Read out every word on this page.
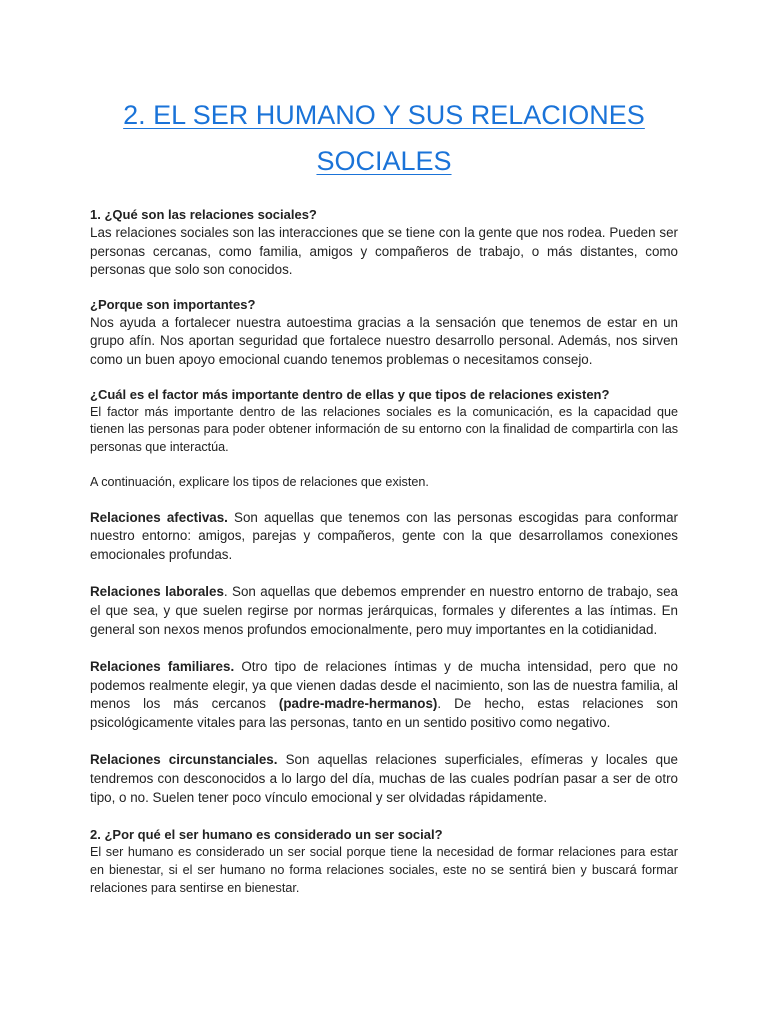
2. EL SER HUMANO Y SUS RELACIONES
SOCIALES

1. ¿Qué son las relaciones sociales?

Las relaciones sociales son las interacciones que se tiene con la gente que nos rodea. Pueden ser personas cercanas, como familia, amigos y compañeros de trabajo, o más distantes, como personas que solo son conocidos.

¿Porque son importantes?

Nos ayuda a fortalecer nuestra autoestima gracias a la sensación que tenemos de estar en un grupo afín. Nos aportan seguridad que fortalece nuestro desarrollo personal. Además, nos sirven como un buen apoyo emocional cuando tenemos problemas o necesitamos consejo.

¿Cuál es el factor más importante dentro de ellas y que tipos de relaciones existen?

El factor más importante dentro de las relaciones sociales es la comunicación, es la capacidad que tienen las personas para poder obtener información de su entorno con la finalidad de compartirla con las personas que interactúa.

A continuación, explicare los tipos de relaciones que existen.

Relaciones afectivas. Son aquellas que tenemos con las personas escogidas para conformar nuestro entorno: amigos, parejas y compañeros, gente con la que desarrollamos conexiones emocionales profundas.

Relaciones laborales. Son aquellas que debemos emprender en nuestro entorno de trabajo, sea el que sea, y que suelen regirse por normas jerárquicas, formales y diferentes a las íntimas. En general son nexos menos profundos emocionalmente, pero muy importantes en la cotidianidad.

Relaciones familiares. Otro tipo de relaciones íntimas y de mucha intensidad, pero que no podemos realmente elegir, ya que vienen dadas desde el nacimiento, son las de nuestra familia, al menos los más cercanos (padre-madre-hermanos). De hecho, estas relaciones son psicológicamente vitales para las personas, tanto en un sentido positivo como negativo.

Relaciones circunstanciales. Son aquellas relaciones superficiales, efímeras y locales que tendremos con desconocidos a lo largo del día, muchas de las cuales podrían pasar a ser de otro tipo, o no. Suelen tener poco vínculo emocional y ser olvidadas rápidamente.

2. ¿Por qué el ser humano es considerado un ser social?

El ser humano es considerado un ser social porque tiene la necesidad de formar relaciones para estar en bienestar, si el ser humano no forma relaciones sociales, este no se sentirá bien y buscará formar relaciones para sentirse en bienestar.
